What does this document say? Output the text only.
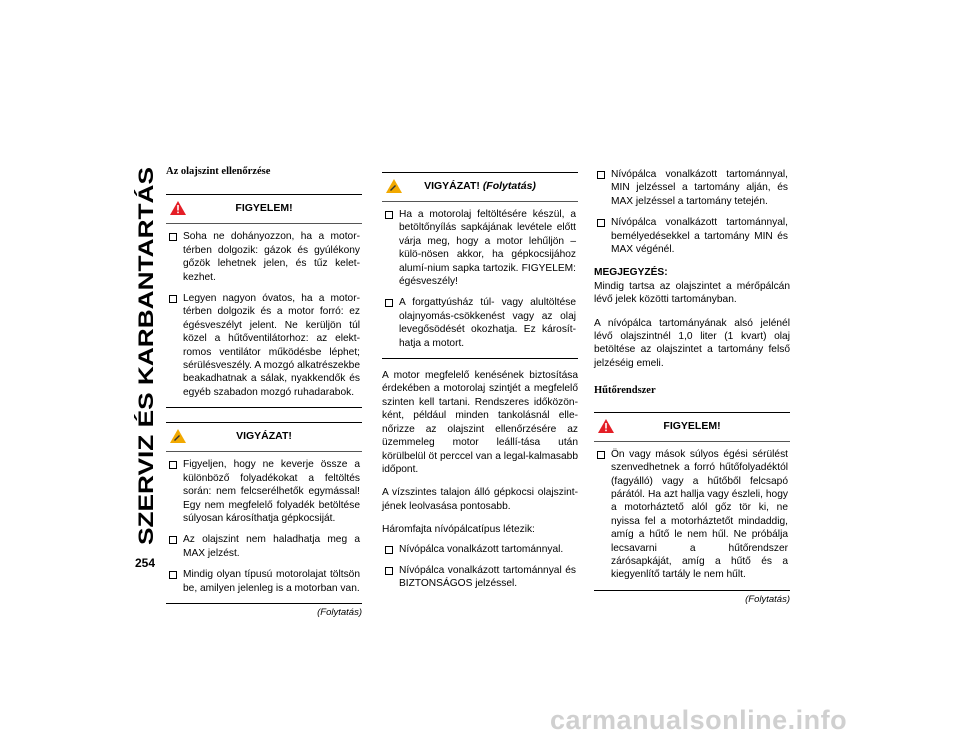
SZERVIZ ÉS KARBANTARTÁS
254
Az olajszint ellenőrzése
FIGYELEM!
Soha ne dohányozzon, ha a motor-térben dolgozik: gázok és gyúlékony gőzök lehetnek jelen, és tűz kelet-kezhet.
Legyen nagyon óvatos, ha a motor-térben dolgozik és a motor forró: ez égésveszélyt jelent. Ne kerüljön túl közel a hűtőventilátorhoz: az elekt-romos ventilátor működésbe léphet; sérülésveszély. A mozgó alkatrészekbe beakadhatnak a sálak, nyakkendők és egyéb szabadon mozgó ruhadarabok.
VIGYÁZAT!
Figyeljen, hogy ne keverje össze a különböző folyadékokat a feltöltés során: nem felcserélhetők egymással! Egy nem megfelelő folyadék betöltése súlyosan károsíthatja gépkocsiját.
Az olajszint nem haladhatja meg a MAX jelzést.
Mindig olyan típusú motorolajat töltsön be, amilyen jelenleg is a motorban van.
(Folytatás)
VIGYÁZAT! (Folytatás)
Ha a motorolaj feltöltésére készül, a betöltőnyílás sapkájának levétele előtt várja meg, hogy a motor lehűljön – külö-nösen akkor, ha gépkocsijához alumí-nium sapka tartozik. FIGYELEM: égésveszély!
A forgattyúsház túl- vagy alultöltése olajnyomás-csökkenést vagy az olaj levegősödését okozhatja. Ez károsít-hatja a motort.

A motor megfelelő kenésének biztosítása érdekében a motorolaj szintjét a megfelelő szinten kell tartani. Rendszeres időközön-ként, például minden tankolásnál elle-nőrizze az olajszint ellenőrzésére az üzemmeleg motor leállí-tása után körülbelül öt perccel van a legal-kalmasabb időpont.

A vízszintes talajon álló gépkocsi olajszint-jének leolvasása pontosabb.

Háromfajta nívópálcatípus létezik:

Nívópálca vonalkázott tartománnyal.
Nívópálca vonalkázott tartománnyal és BIZTONSÁGOS jelzéssel.
Nívópálca vonalkázott tartománnyal, MIN jelzéssel a tartomány alján, és MAX jelzéssel a tartomány tetején.
Nívópálca vonalkázott tartománnyal, bemélyedésekkel a tartomány MIN és MAX végénél.
MEGJEGYZÉS:

Mindig tartsa az olajszintet a mérőpálcán lévő jelek közötti tartományban.

A nívópálca tartományának alsó jelénél lévő olajszintnél 1,0 liter (1 kvart) olaj betöltése az olajszintet a tartomány felső jelzéséig emeli.

Hűtőrendszer
FIGYELEM!
Ön vagy mások súlyos égési sérülést szenvedhetnek a forró hűtőfolyadéktól (fagyálló) vagy a hűtőből felcsapó párától. Ha azt hallja vagy észleli, hogy a motorháztető alól gőz tör ki, ne nyissa fel a motorháztetőt mindaddig, amíg a hűtő le nem hűl. Ne próbálja lecsavarni a hűtőrendszer zárósapkáját, amíg a hűtő és a kiegyenlítő tartály le nem hűlt.
(Folytatás)
carmanualsonline.info
